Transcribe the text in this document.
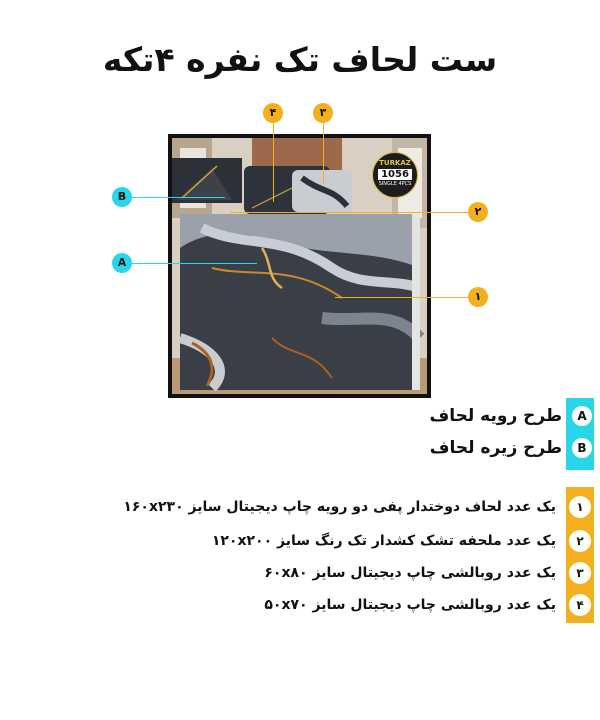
ست لحاف تک نفره ۴تکه
TURKAZ
1056
SINGLE 4PCS
۴	۳
۲
۱
B
A
A
طرح رویه لحاف
B
طرح زیره لحاف
۱
یک عدد لحاف دوختدار پفی دو رویه چاپ دیجیتال سایز ۱۶۰x۲۳۰
۲
یک عدد ملحفه تشک کشدار تک رنگ سایز ۱۲۰x۲۰۰
۳
یک عدد روبالشی چاپ دیجیتال سایز ۶۰x۸۰
۴
یک عدد روبالشی چاپ دیجیتال سایز ۵۰x۷۰
